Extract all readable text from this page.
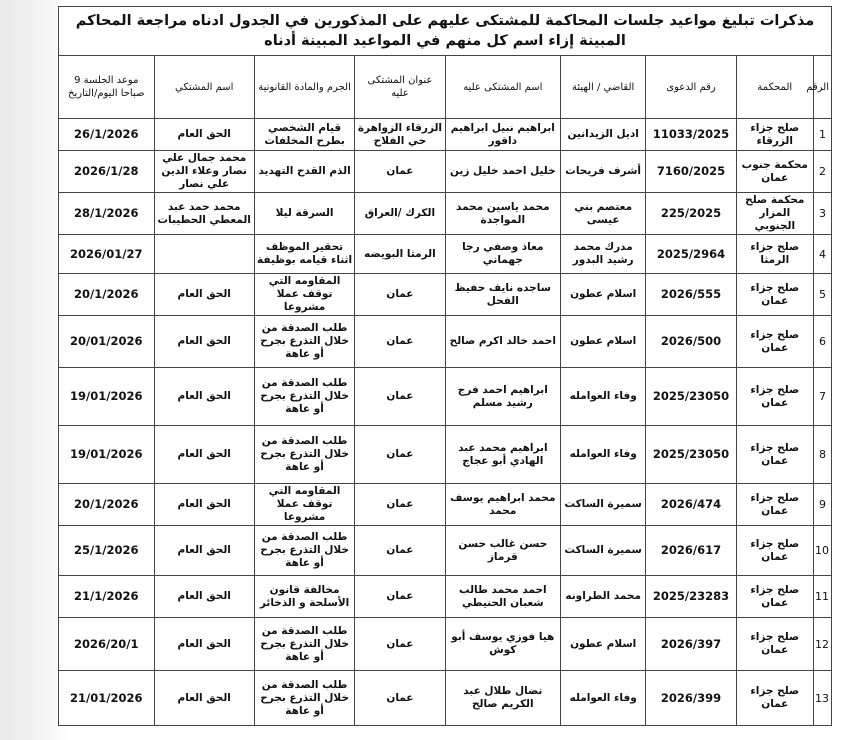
مذكرات تبليغ مواعيد جلسات المحاكمة للمشتكى عليهم على المذكورين في الجدول ادناه مراجعة المحاكم المبينة إزاء اسم كل منهم في المواعيد المبينة أدناه								
الرقم	المحكمة	رقم الدعوى	القاضي / الهيئة	اسم المشتكى عليه	عنوان المشتكى عليه	الجرم والمادة القانونية	اسم المشتكي	موعد الجلسة 9 صباحا اليوم/التاريخ
1	صلح جزاء الزرقاء	11033/2025	اديل الزيدانين	ابراهيم نبيل ابراهيم داقور	الزرقاء الزواهرة حي الفلاح	قيام الشخصي بطرح المخلفات	الحق العام	26/1/2026
2	محكمة جنوب عمان	7160/2025	أشرف فريحات	خليل احمد خليل زين	عمان	الذم القدح التهديد	محمد جمال علي نصار وعلاء الدين علي نصار	2026/1/28
3	محكمة صلح المزار الجنوبي	225/2025	معتصم بني عيسى	محمد ياسين محمد المواجدة	الكرك /العراق	السرقة ليلا	محمد حمد عبد المعطي الحطيبات	28/1/2026
4	صلح جزاء الرمثا	2025/2964	مدرك محمد رشيد البدور	معاذ وصفي رجا جهماني	الرمثا البويضه	تحقير الموظف اثناء قيامه بوظيفة		2026/01/27
5	صلح جزاء عمان	2026/555	اسلام عطون	ساجده نايف حفيظ الفحل	عمان	المقاومه التي توقف عملا مشروعا	الحق العام	20/1/2026
6	صلح جزاء عمان	2026/500	اسلام عطون	احمد خالد اكرم صالح	عمان	طلب الصدقة من خلال التذرع بجرح أو عاهة	الحق العام	20/01/2026
7	صلح جزاء عمان	2025/23050	وفاء العوامله	ابراهيم احمد فرج رشيد مسلم	عمان	طلب الصدقة من خلال التذرع بجرح أو عاهة	الحق العام	19/01/2026
8	صلح جزاء عمان	2025/23050	وفاء العوامله	ابراهيم محمد عبد الهادي أبو عجاج	عمان	طلب الصدقة من خلال التذرع بجرح أو عاهة	الحق العام	19/01/2026
9	صلح جزاء عمان	2026/474	سميرة الساكت	محمد ابراهيم يوسف محمد	عمان	المقاومه التي توقف عملا مشروعا	الحق العام	20/1/2026
10	صلح جزاء عمان	2026/617	سميرة الساكت	حسن غالب حسن قرماز	عمان	طلب الصدقة من خلال التذرع بجرح أو عاهة	الحق العام	25/1/2026
11	صلح جزاء عمان	2025/23283	محمد الطراونه	احمد محمد طالب شعبان الحنيطي	عمان	مخالفة قانون الأسلحة و الذخائر	الحق العام	21/1/2026
12	صلح جزاء عمان	2026/397	اسلام عطون	هيا فوزي يوسف أبو كوش	عمان	طلب الصدقة من خلال التذرع بجرح أو عاهة	الحق العام	2026/20/1
13	صلح جزاء عمان	2026/399	وفاء العوامله	نضال طلال عبد الكريم صالح	عمان	طلب الصدقة من خلال التذرع بجرح أو عاهة	الحق العام	21/01/2026
